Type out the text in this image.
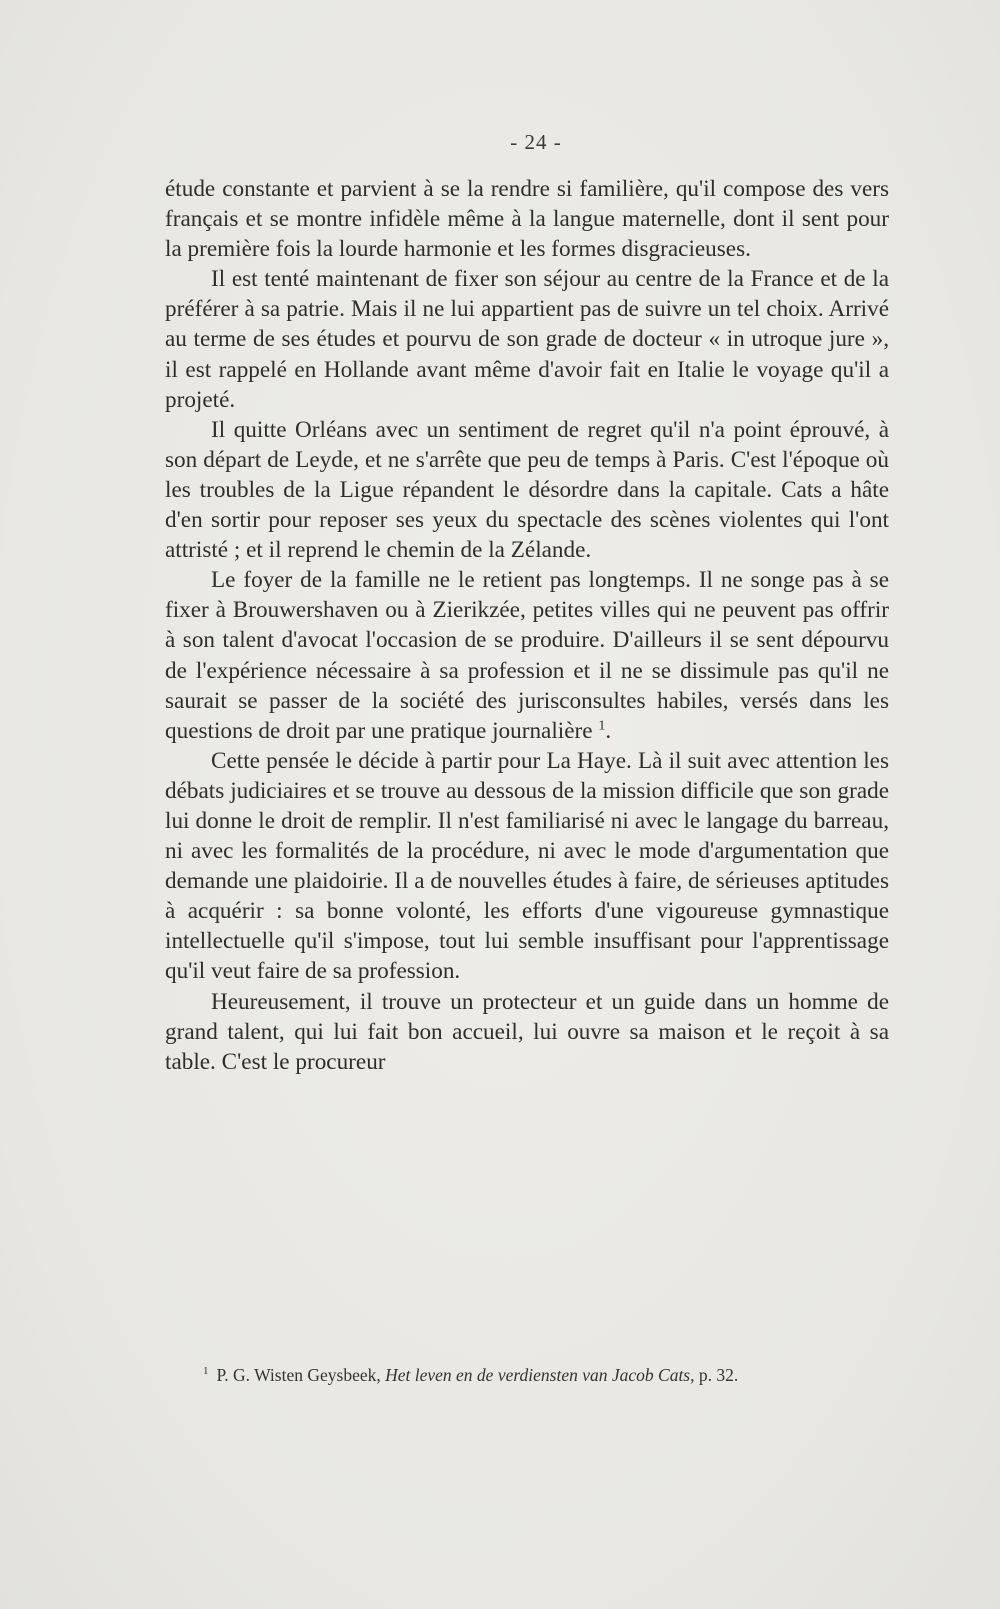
- 24 -

étude constante et parvient à se la rendre si familière, qu'il compose des vers français et se montre infidèle même à la langue maternelle, dont il sent pour la première fois la lourde harmonie et les formes disgracieuses.

Il est tenté maintenant de fixer son séjour au centre de la France et de la préférer à sa patrie. Mais il ne lui appartient pas de suivre un tel choix. Arrivé au terme de ses études et pourvu de son grade de docteur « in utroque jure », il est rappelé en Hollande avant même d'avoir fait en Italie le voyage qu'il a projeté.

Il quitte Orléans avec un sentiment de regret qu'il n'a point éprouvé, à son départ de Leyde, et ne s'arrête que peu de temps à Paris. C'est l'époque où les troubles de la Ligue répandent le désordre dans la capitale. Cats a hâte d'en sortir pour reposer ses yeux du spectacle des scènes violentes qui l'ont attristé ; et il reprend le chemin de la Zélande.

Le foyer de la famille ne le retient pas longtemps. Il ne songe pas à se fixer à Brouwershaven ou à Zierikzée, petites villes qui ne peuvent pas offrir à son talent d'avocat l'occasion de se produire. D'ailleurs il se sent dépourvu de l'expérience nécessaire à sa profession et il ne se dissimule pas qu'il ne saurait se passer de la société des jurisconsultes habiles, versés dans les questions de droit par une pratique journalière $^1$.

Cette pensée le décide à partir pour La Haye. Là il suit avec attention les débats judiciaires et se trouve au dessous de la mission difficile que son grade lui donne le droit de remplir. Il n'est familiarisé ni avec le langage du barreau, ni avec les formalités de la procédure, ni avec le mode d'argumentation que demande une plaidoirie. Il a de nouvelles études à faire, de sérieuses aptitudes à acquérir : sa bonne volonté, les efforts d'une vigoureuse gymnastique intellectuelle qu'il s'impose, tout lui semble insuffisant pour l'apprentissage qu'il veut faire de sa profession.

Heureusement, il trouve un protecteur et un guide dans un homme de grand talent, qui lui fait bon accueil, lui ouvre sa maison et le reçoit à sa table. C'est le procureur

$^1$ P. G. Wisten Geysbeek, Het leven en de verdiensten van Jacob Cats, p. 32.
